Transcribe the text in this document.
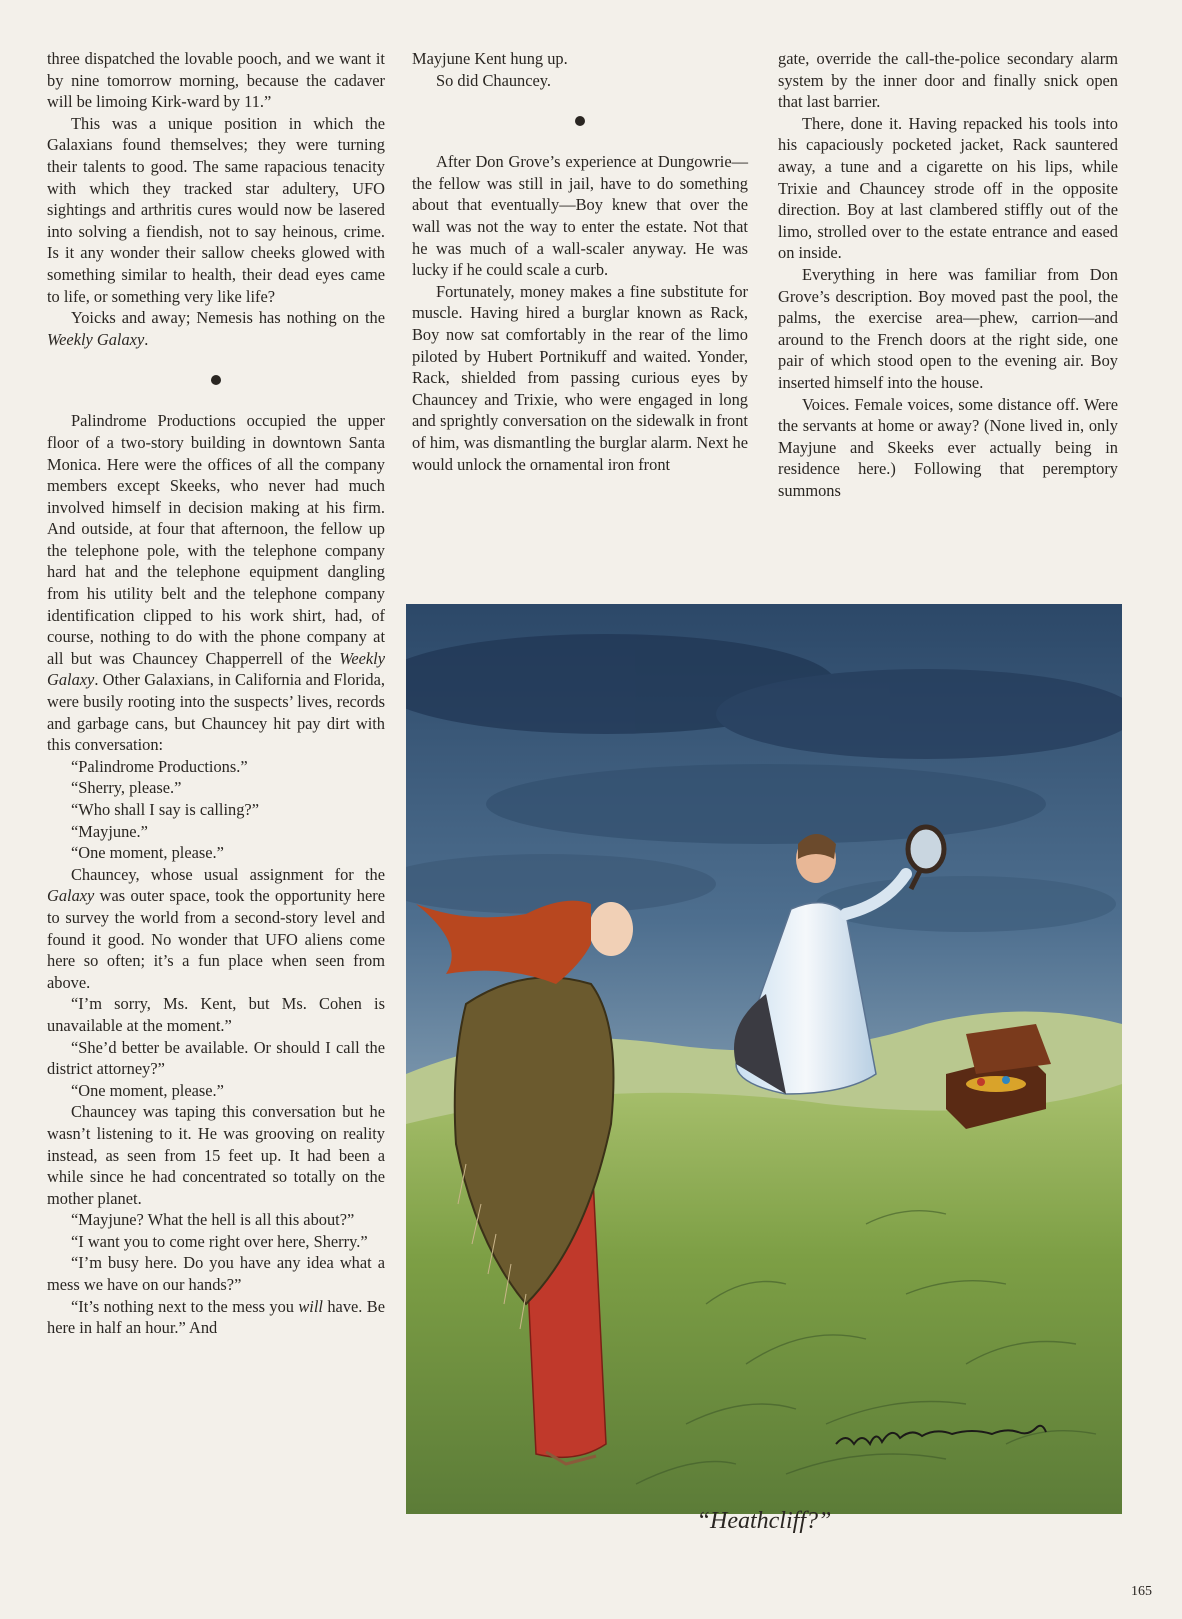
three dispatched the lovable pooch, and we want it by nine tomorrow morning, because the cadaver will be limoing Kirk-ward by 11.”

This was a unique position in which the Galaxians found themselves; they were turning their talents to good. The same rapacious tenacity with which they tracked star adultery, UFO sightings and arthritis cures would now be lasered into solving a fiendish, not to say heinous, crime. Is it any wonder their sallow cheeks glowed with something similar to health, their dead eyes came to life, or something very like life?

Yoicks and away; Nemesis has nothing on the Weekly Galaxy.

Palindrome Productions occupied the upper floor of a two-story building in downtown Santa Monica. Here were the offices of all the company members except Skeeks, who never had much involved himself in decision making at his firm. And outside, at four that afternoon, the fellow up the telephone pole, with the telephone company hard hat and the telephone equipment dangling from his utility belt and the telephone company identification clipped to his work shirt, had, of course, nothing to do with the phone company at all but was Chauncey Chapperrell of the Weekly Galaxy. Other Galaxians, in California and Florida, were busily rooting into the suspects’ lives, records and garbage cans, but Chauncey hit pay dirt with this conversation:

“Palindrome Productions.”

“Sherry, please.”

“Who shall I say is calling?”

“Mayjune.”

“One moment, please.”

Chauncey, whose usual assignment for the Galaxy was outer space, took the opportunity here to survey the world from a second-story level and found it good. No wonder that UFO aliens come here so often; it’s a fun place when seen from above.

“I’m sorry, Ms. Kent, but Ms. Cohen is unavailable at the moment.”

“She’d better be available. Or should I call the district attorney?”

“One moment, please.”

Chauncey was taping this conversation but he wasn’t listening to it. He was grooving on reality instead, as seen from 15 feet up. It had been a while since he had concentrated so totally on the mother planet.

“Mayjune? What the hell is all this about?”

“I want you to come right over here, Sherry.”

“I’m busy here. Do you have any idea what a mess we have on our hands?”

“It’s nothing next to the mess you will have. Be here in half an hour.” And

Mayjune Kent hung up.

So did Chauncey.

After Don Grove’s experience at Dungowrie—the fellow was still in jail, have to do something about that eventually—Boy knew that over the wall was not the way to enter the estate. Not that he was much of a wall-scaler anyway. He was lucky if he could scale a curb.

Fortunately, money makes a fine substitute for muscle. Having hired a burglar known as Rack, Boy now sat comfortably in the rear of the limo piloted by Hubert Portnikuff and waited. Yonder, Rack, shielded from passing curious eyes by Chauncey and Trixie, who were engaged in long and sprightly conversation on the sidewalk in front of him, was dismantling the burglar alarm. Next he would unlock the ornamental iron front

gate, override the call-the-police secondary alarm system by the inner door and finally snick open that last barrier.

There, done it. Having repacked his tools into his capaciously pocketed jacket, Rack sauntered away, a tune and a cigarette on his lips, while Trixie and Chauncey strode off in the opposite direction. Boy at last clambered stiffly out of the limo, strolled over to the estate entrance and eased on inside.

Everything in here was familiar from Don Grove’s description. Boy moved past the pool, the palms, the exercise area—phew, carrion—and around to the French doors at the right side, one pair of which stood open to the evening air. Boy inserted himself into the house.

Voices. Female voices, some distance off. Were the servants at home or away? (None lived in, only Mayjune and Skeeks ever actually being in residence here.) Following that peremptory summons

“Heathcliff?”
165
